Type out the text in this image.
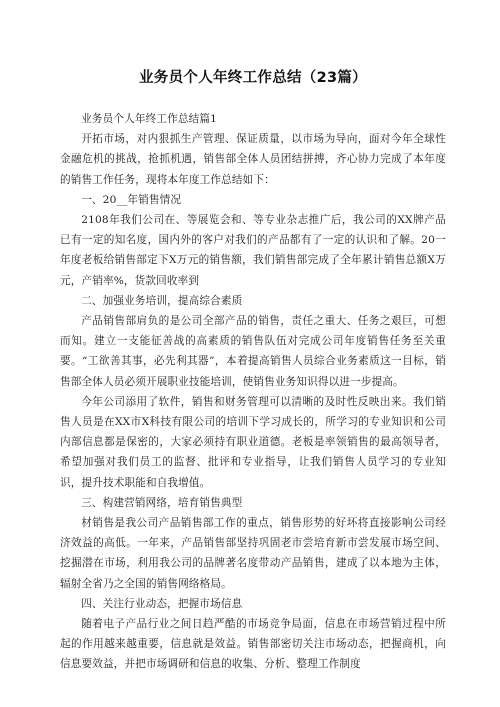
业务员个人年终工作总结（23篇）

业务员个人年终工作总结篇1

开拓市场，对内狠抓生产管理、保证质量，以市场为导向，面对今年全球性金融危机的挑战，抢抓机遇，销售部全体人员团结拼搏，齐心协力完成了本年度的销售工作任务，现将本年度工作总结如下：

一、20__年销售情况

2108年我们公司在、等展览会和、等专业杂志推广后，我公司的XX牌产品已有一定的知名度，国内外的客户对我们的产品都有了一定的认识和了解。20一年度老板给销售部定下X万元的销售额，我们销售部完成了全年累计销售总额X万元，产销率%，货款回收率到

二、加强业务培训，提高综合素质

产品销售部肩负的是公司全部产品的销售，责任之重大、任务之艰巨，可想而知。建立一支能征善战的高素质的销售队伍对完成公司年度销售任务至关重要。“工欲善其事，必先利其器”，本着提高销售人员综合业务素质这一目标，销售部全体人员必须开展职业技能培训，使销售业务知识得以进一步提高。

今年公司添用了软件，销售和财务管理可以清晰的及时性反映出来。我们销售人员是在XX市X科技有限公司的培训下学习成长的，所学习的专业知识和公司内部信息都是保密的，大家必须持有职业道德。老板是率领销售的最高领导者，希望加强对我们员工的监督、批评和专业指导，让我们销售人员学习的专业知识，提升技术职能和自我增值。

三、构建营销网络，培育销售典型

材销售是我公司产品销售部工作的重点，销售形势的好坏将直接影响公司经济效益的高低。一年来，产品销售部坚持巩固老市尝培育新市尝发展市场空间、挖掘潜在市场，利用我公司的品牌著名度带动产品销售，建成了以本地为主体，辐射全省乃之全国的销售网络格局。

四、关注行业动态，把握市场信息

随着电子产品行业之间日趋严酷的市场竞争局面，信息在市场营销过程中所起的作用越来越重要，信息就是效益。销售部密切关注市场动态，把握商机，向信息要效益，并把市场调研和信息的收集、分析、整理工作制度
